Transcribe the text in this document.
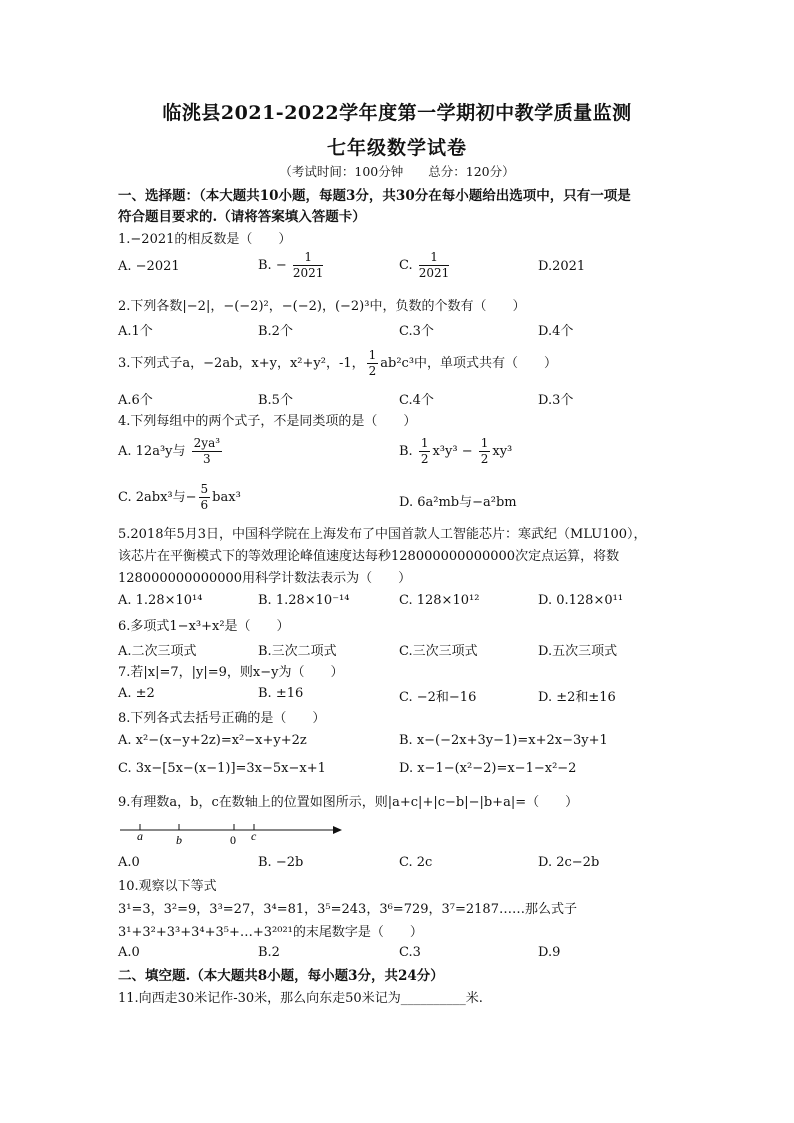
临洮县2021-2022学年度第一学期初中教学质量监测
七年级数学试卷
（考试时间：100分钟　　总分：120分）
一、选择题：（本大题共10小题，每题3分，共30分在每小题给出选项中，只有一项是
符合题目要求的.（请将答案填入答题卡）
1.−2021的相反数是（　　）
A. −2021	B. − $\frac{1}{2021}$	C. $\frac{1}{2021}$	D.2021
2.下列各数|−2|，−(−2)²，−(−2)，(−2)³中，负数的个数有（　　）
A.1个	B.2个	C.3个	D.4个
3.下列式子a，−2ab，x+y，x²+y²，-1， $\frac{1}{2} ab^2c^3$中，单项式共有（　　）
A.6个	B.5个	C.4个	D.3个
4.下列每组中的两个式子，不是同类项的是（　　）
A. 12a³y与 $\frac{\text{2ya³}}{3}$	B. $\frac{1}{2} x^3y^3 - \frac{1}{2} xy^3$
C. 2abx³与− $\frac{5}{6} bax^3$	D. 6a²mb与−a²bm
5.2018年5月3日，中国科学院在上海发布了中国首款人工智能芯片：寒武纪（MLU100），
该芯片在平衡模式下的等效理论峰值速度达每秒128000000000000次定点运算，将数
128000000000000用科学计数法表示为（　　）
A. 1.28×10¹⁴	B. 1.28×10⁻¹⁴	C. 128×10¹²	D. 0.128×0¹¹
6.多项式1−x³+x²是（　　）
A.二次三项式	B.三次二项式	C.三次三项式	D.五次三项式
7.若|x|=7，|y|=9，则x−y为（　　）
A. ±2	B. ±16	C. −2和−16	D. ±2和±16
8.下列各式去括号正确的是（　　）
A. x²−(x−y+2z)=x²−x+y+2z	B. x−(−2x+3y−1)=x+2x−3y+1
C. 3x−[5x−(x−1)]=3x−5x−x+1	D. x−1−(x²−2)=x−1−x²−2
9.有理数a，b，c在数轴上的位置如图所示，则|a+c|+|c−b|−|b+a|=（　　）
a	b	0 c
A.0	B. −2b	C. 2c	D. 2c−2b
10.观察以下等式
3¹=3，3²=9，3³=27，3⁴=81，3⁵=243，3⁶=729，3⁷=2187……那么式子
3¹+3²+3³+3⁴+3⁵+…+3²⁰²¹的末尾数字是（　　）
A.0	B.2	C.3	D.9
二、填空题.（本大题共8小题，每小题3分，共24分）
11.向西走30米记作-30米，那么向东走50米记为__________米.
